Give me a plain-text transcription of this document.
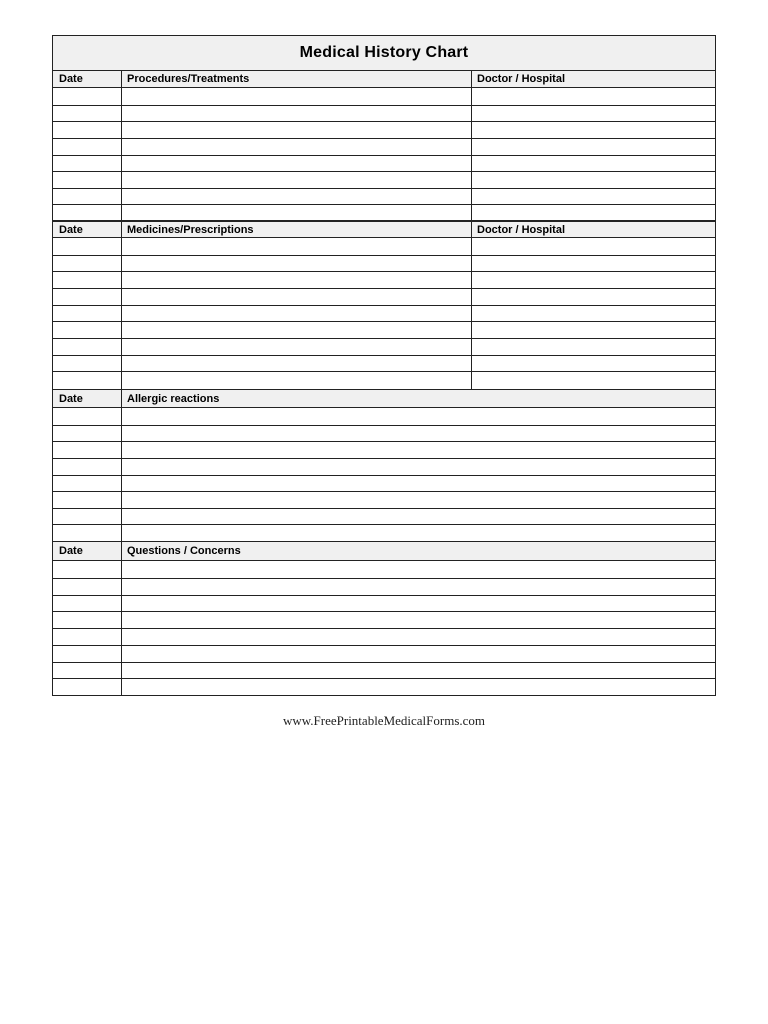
Medical History Chart
Date	Procedures/Treatments	Doctor / Hospital
Date	Medicines/Prescriptions	Doctor / Hospital
Date	Allergic reactions
Date	Questions / Concerns
www.FreePrintableMedicalForms.com
